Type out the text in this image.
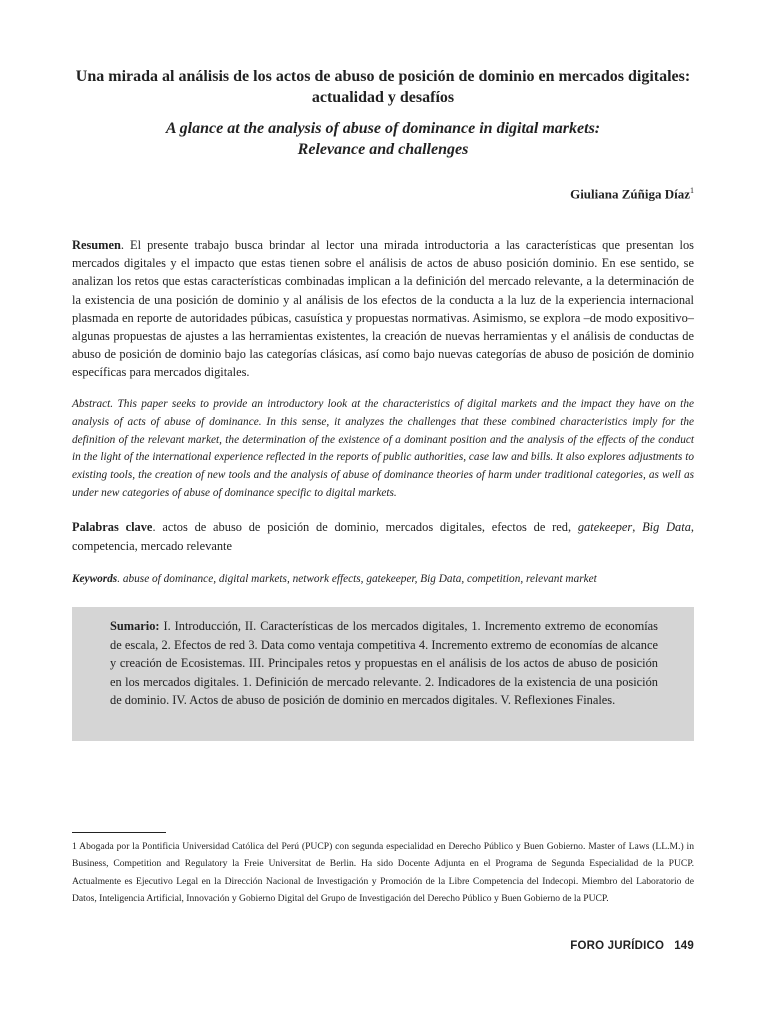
Una mirada al análisis de los actos de abuso de posición de dominio en mercados digitales: actualidad y desafíos
A glance at the analysis of abuse of dominance in digital markets:
Relevance and challenges
Giuliana Zúñiga Díaz$^1$
Resumen. El presente trabajo busca brindar al lector una mirada introductoria a las características que presentan los mercados digitales y el impacto que estas tienen sobre el análisis de actos de abuso posición dominio. En ese sentido, se analizan los retos que estas características combinadas implican a la definición del mercado relevante, a la determinación de la existencia de una posición de dominio y al análisis de los efectos de la conducta a la luz de la experiencia internacional plasmada en reporte de autoridades púbicas, casuística y propuestas normativas. Asimismo, se explora –de modo expositivo– algunas propuestas de ajustes a las herramientas existentes, la creación de nuevas herramientas y el análisis de conductas de abuso de posición de dominio bajo las categorías clásicas, así como bajo nuevas categorías de abuso de posición de dominio específicas para mercados digitales.
Abstract. This paper seeks to provide an introductory look at the characteristics of digital markets and the impact they have on the analysis of acts of abuse of dominance. In this sense, it analyzes the challenges that these combined characteristics imply for the definition of the relevant market, the determination of the existence of a dominant position and the analysis of the effects of the conduct in the light of the international experience reflected in the reports of public authorities, case law and bills. It also explores adjustments to existing tools, the creation of new tools and the analysis of abuse of dominance theories of harm under traditional categories, as well as under new categories of abuse of dominance specific to digital markets.
Palabras clave. actos de abuso de posición de dominio, mercados digitales, efectos de red, gatekeeper, Big Data, competencia, mercado relevante
Keywords. abuse of dominance, digital markets, network effects, gatekeeper, Big Data, competition, relevant market
Sumario: I. Introducción, II. Características de los mercados digitales, 1. Incremento extremo de economías de escala, 2. Efectos de red 3. Data como ventaja competitiva 4. Incremento extremo de economías de alcance y creación de Ecosistemas. III. Principales retos y propuestas en el análisis de los actos de abuso de posición en los mercados digitales. 1. Definición de mercado relevante. 2. Indicadores de la existencia de una posición de dominio. IV. Actos de abuso de posición de dominio en mercados digitales. V. Reflexiones Finales.
1 Abogada por la Pontificia Universidad Católica del Perú (PUCP) con segunda especialidad en Derecho Público y Buen Gobierno. Master of Laws (LL.M.) in Business, Competition and Regulatory la Freie Universitat de Berlin. Ha sido Docente Adjunta en el Programa de Segunda Especialidad de la PUCP. Actualmente es Ejecutivo Legal en la Dirección Nacional de Investigación y Promoción de la Libre Competencia del Indecopi. Miembro del Laboratorio de Datos, Inteligencia Artificial, Innovación y Gobierno Digital del Grupo de Investigación del Derecho Público y Buen Gobierno de la PUCP.
FORO JURÍDICO 149
